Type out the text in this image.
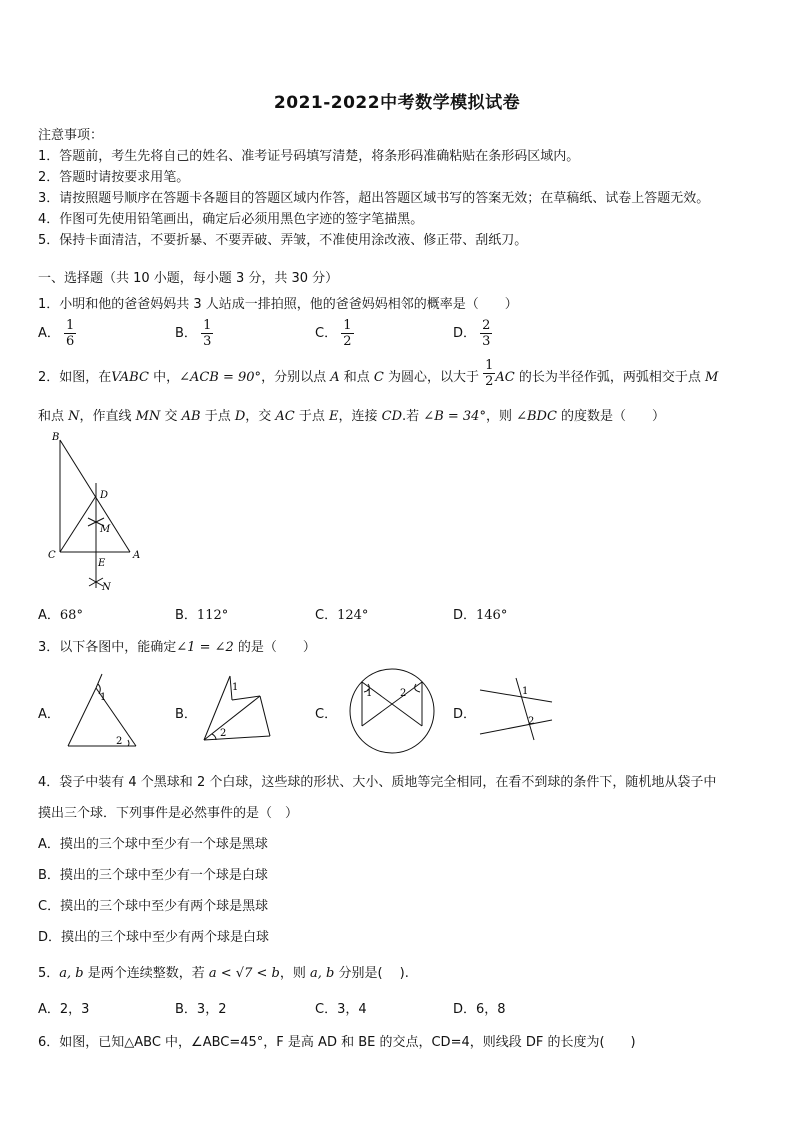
2021-2022中考数学模拟试卷
注意事项：
1．答题前，考生先将自己的姓名、准考证号码填写清楚，将条形码准确粘贴在条形码区域内。
2．答题时请按要求用笔。
3．请按照题号顺序在答题卡各题目的答题区域内作答，超出答题区域书写的答案无效；在草稿纸、试卷上答题无效。
4．作图可先使用铅笔画出，确定后必须用黑色字迹的签字笔描黑。
5．保持卡面清洁，不要折暴、不要弄破、弄皱，不准使用涂改液、修正带、刮纸刀。
一、选择题（共 10 小题，每小题 3 分，共 30 分）
1．小明和他的爸爸妈妈共 3 人站成一排拍照，他的爸爸妈妈相邻的概率是（　　）
A． $\frac{1}{6}$	B． $\frac{1}{3}$	C． $\frac{1}{2}$	D． $\frac{2}{3}$
2．如图，在VABC 中，∠ACB = 90°，分别以点 A 和点 C 为圆心，以大于 $\frac{1}{2}$ AC 的长为半径作弧，两弧相交于点 M
和点 N，作直线 MN 交 AB 于点 D，交 AC 于点 E，连接 CD.若 ∠B = 34°，则 ∠BDC 的度数是（　　）
B
D
M
C	A
E
N
A．68°	B．112°	C．124°	D．146°
3．以下各图中，能确定∠1 = ∠2 的是（　　）
A．
1
2
B．
1
2
C．
1	2
D．
1
2
4．袋子中装有 4 个黑球和 2 个白球，这些球的形状、大小、质地等完全相同，在看不到球的条件下，随机地从袋子中
摸出三个球．下列事件是必然事件的是（　）
A．摸出的三个球中至少有一个球是黑球
B．摸出的三个球中至少有一个球是白球
C．摸出的三个球中至少有两个球是黑球
D．摸出的三个球中至少有两个球是白球
5．a, b 是两个连续整数，若 a < √7 < b，则 a, b 分别是(　 ).
A．2，3	B．3，2	C．3，4	D．6，8
6．如图，已知△ABC 中，∠ABC=45°，F 是高 AD 和 BE 的交点，CD=4，则线段 DF 的长度为(　　)
